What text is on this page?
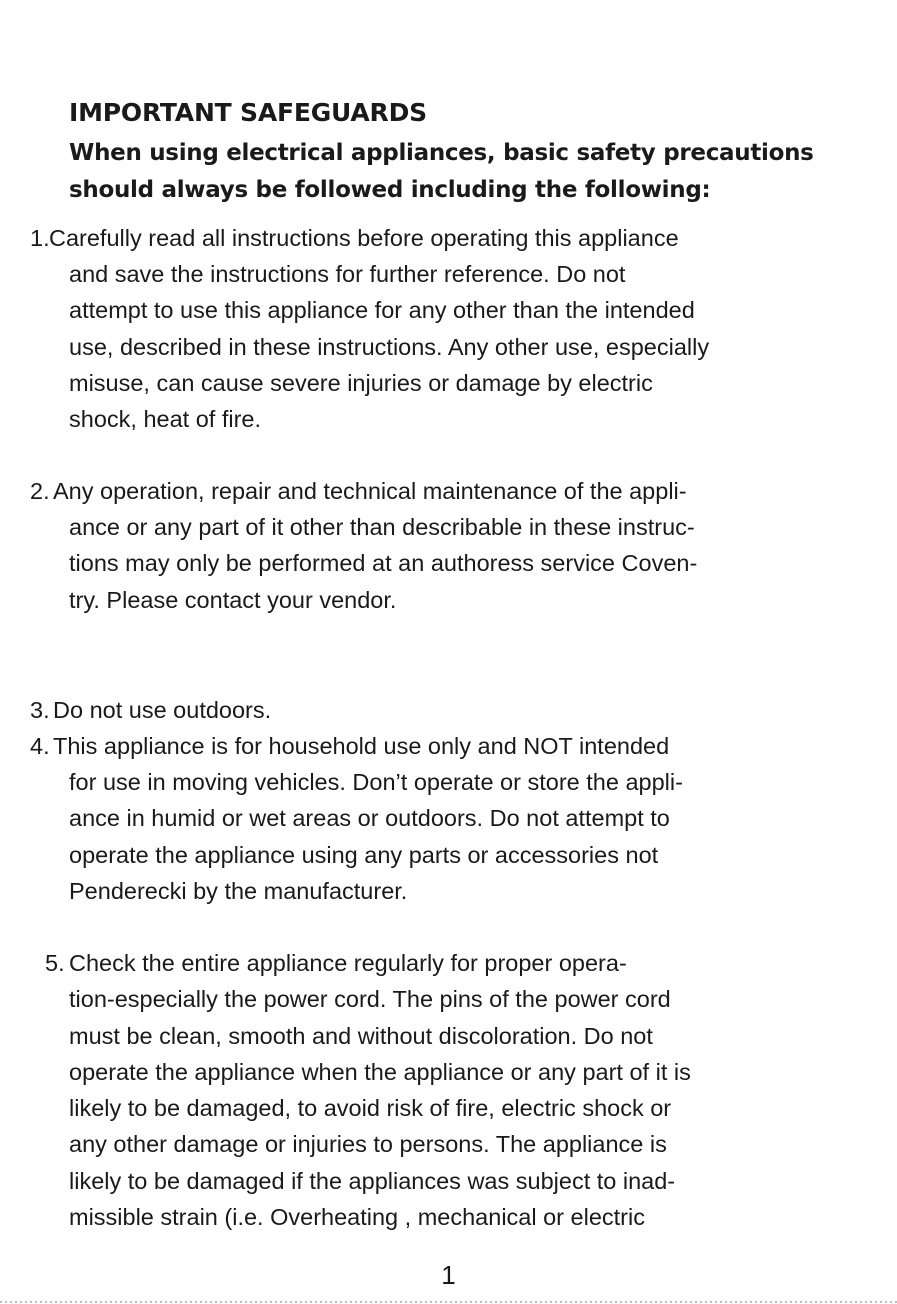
IMPORTANT SAFEGUARDS

When using electrical appliances, basic safety precautions

should always be followed including the following:

1. Carefully read all instructions before operating this appliance
and save the instructions for further reference. Do not
attempt to use this appliance for any other than the intended
use, described in these instructions. Any other use, especially
misuse, can cause severe injuries or damage by electric
shock, heat of fire.
2. Any operation, repair and technical maintenance of the appli-
ance or any part of it other than describable in these instruc-
tions may only be performed at an authoress service Coven-
try. Please contact your vendor.
3. Do not use outdoors.
4. This appliance is for household use only and NOT intended
for use in moving vehicles. Don’t operate or store the appli-
ance in humid or wet areas or outdoors. Do not attempt to
operate the appliance using any parts or accessories not
Penderecki by the manufacturer.
5. Check the entire appliance regularly for proper opera-
tion-especially the power cord. The pins of the power cord
must be clean, smooth and without discoloration. Do not
operate the appliance when the appliance or any part of it is
likely to be damaged, to avoid risk of fire, electric shock or
any other damage or injuries to persons. The appliance is
likely to be damaged if the appliances was subject to inad-
missible strain (i.e. Overheating , mechanical or electric
1
